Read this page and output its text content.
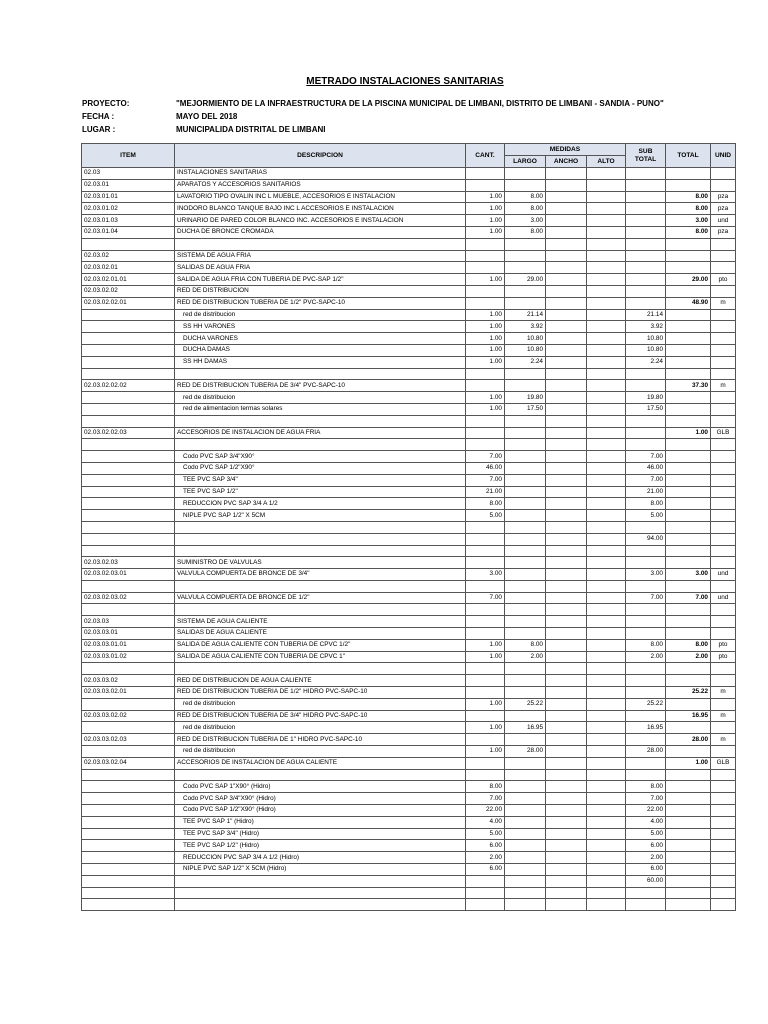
METRADO INSTALACIONES SANITARIAS
PROYECTO:	"MEJORMIENTO DE LA INFRAESTRUCTURA DE LA PISCINA MUNICIPAL DE LIMBANI, DISTRITO DE LIMBANI - SANDIA - PUNO"
FECHA :	MAYO DEL 2018
LUGAR :	MUNICIPALIDA DISTRITAL DE LIMBANI
ITEM	DESCRIPCION	CANT.	MEDIDAS			SUB TOTAL	TOTAL	UNID
			LARGO	ANCHO	ALTO			
02.03	INSTALACIONES SANITARIAS							
02.03.01	APARATOS Y ACCESORIOS SANITARIOS							
02.03.01.01	LAVATORIO TIPO OVALIN INC L MUEBLE, ACCESORIOS E INSTALACION	1.00	8.00				8.00	pza
02.03.01.02	INODORO BLANCO TANQUE BAJO INC L ACCESORIOS E INSTALACION	1.00	8.00				8.00	pza
02.03.01.03	URINARIO DE PARED COLOR BLANCO INC. ACCESORIOS E INSTALACION	1.00	3.00				3.00	und
02.03.01.04	DUCHA DE BRONCE CROMADA	1.00	8.00				8.00	pza

02.03.02	SISTEMA DE AGUA FRIA							
02.03.02.01	SALIDAS DE AGUA FRIA							
02.03.02.01.01	SALIDA DE AGUA FRIA CON TUBERIA DE PVC-SAP 1/2"	1.00	29.00				29.00	pto
02.03.02.02	RED DE DISTRIBUCION							
02.03.02.02.01	RED DE DISTRIBUCION TUBERIA DE 1/2" PVC-SAPC-10						48.90	m
	red de distribucion	1.00	21.14			21.14		
	SS HH VARONES	1.00	3.92			3.92		
	DUCHA VARONES	1.00	10.80			10.80		
	DUCHA DAMAS	1.00	10.80			10.80		
	SS HH DAMAS	1.00	2.24			2.24		

02.03.02.02.02	RED DE DISTRIBUCION TUBERIA DE 3/4" PVC-SAPC-10						37.30	m
	red de distribucion	1.00	19.80			19.80		
	red de alimentacion termas solares	1.00	17.50			17.50		

02.03.02.02.03	ACCESORIOS DE INSTALACION DE AGUA FRIA						1.00	GLB

	Codo PVC SAP 3/4"X90°	7.00				7.00		
	Codo PVC SAP 1/2"X90°	46.00				46.00		
	TEE PVC SAP 3/4"	7.00				7.00		
	TEE PVC SAP 1/2"	21.00				21.00		
	REDUCCION PVC SAP 3/4 A 1/2	8.00				8.00		
	NIPLE PVC SAP 1/2" X 5CM	5.00				5.00		

						94.00		

02.03.02.03	SUMINISTRO DE VALVULAS							
02.03.02.03.01	VALVULA COMPUERTA DE BRONCE DE 3/4"	3.00				3.00	3.00	und

02.03.02.03.02	VALVULA COMPUERTA DE BRONCE DE 1/2"	7.00				7.00	7.00	und

02.03.03	SISTEMA DE AGUA CALIENTE							
02.03.03.01	SALIDAS DE AGUA CALIENTE							
02.03.03.01.01	SALIDA DE AGUA CALIENTE CON TUBERIA DE CPVC 1/2"	1.00	8.00			8.00	8.00	pto
02.03.03.01.02	SALIDA DE AGUA CALIENTE CON TUBERIA DE CPVC 1"	1.00	2.00			2.00	2.00	pto

02.03.03.02	RED DE DISTRIBUCION DE AGUA CALIENTE							
02.03.03.02.01	RED DE DISTRIBUCION TUBERIA DE 1/2" HIDRO PVC-SAPC-10						25.22	m
	red de distribucion	1.00	25.22			25.22		
02.03.03.02.02	RED DE DISTRIBUCION TUBERIA DE 3/4" HIDRO PVC-SAPC-10						16.95	m
	red de distribucion	1.00	16.95			16.95		
02.03.03.02.03	RED DE DISTRIBUCION TUBERIA DE 1" HIDRO PVC-SAPC-10						28.00	m
	red de distribucion	1.00	28.00			28.00		
02.03.03.02.04	ACCESORIOS DE INSTALACION DE AGUA CALIENTE						1.00	GLB

	Codo PVC SAP 1"X90° (Hidro)	8.00				8.00		
	Codo PVC SAP 3/4"X90° (Hidro)	7.00				7.00		
	Codo PVC SAP 1/2"X90° (Hidro)	22.00				22.00		
	TEE PVC SAP 1" (Hidro)	4.00				4.00		
	TEE PVC SAP 3/4" (Hidro)	5.00				5.00		
	TEE PVC SAP 1/2" (Hidro)	6.00				6.00		
	REDUCCION PVC SAP 3/4 A 1/2 (Hidro)	2.00				2.00		
	NIPLE PVC SAP 1/2" X 5CM (Hidro)	6.00				6.00		
						60.00		
